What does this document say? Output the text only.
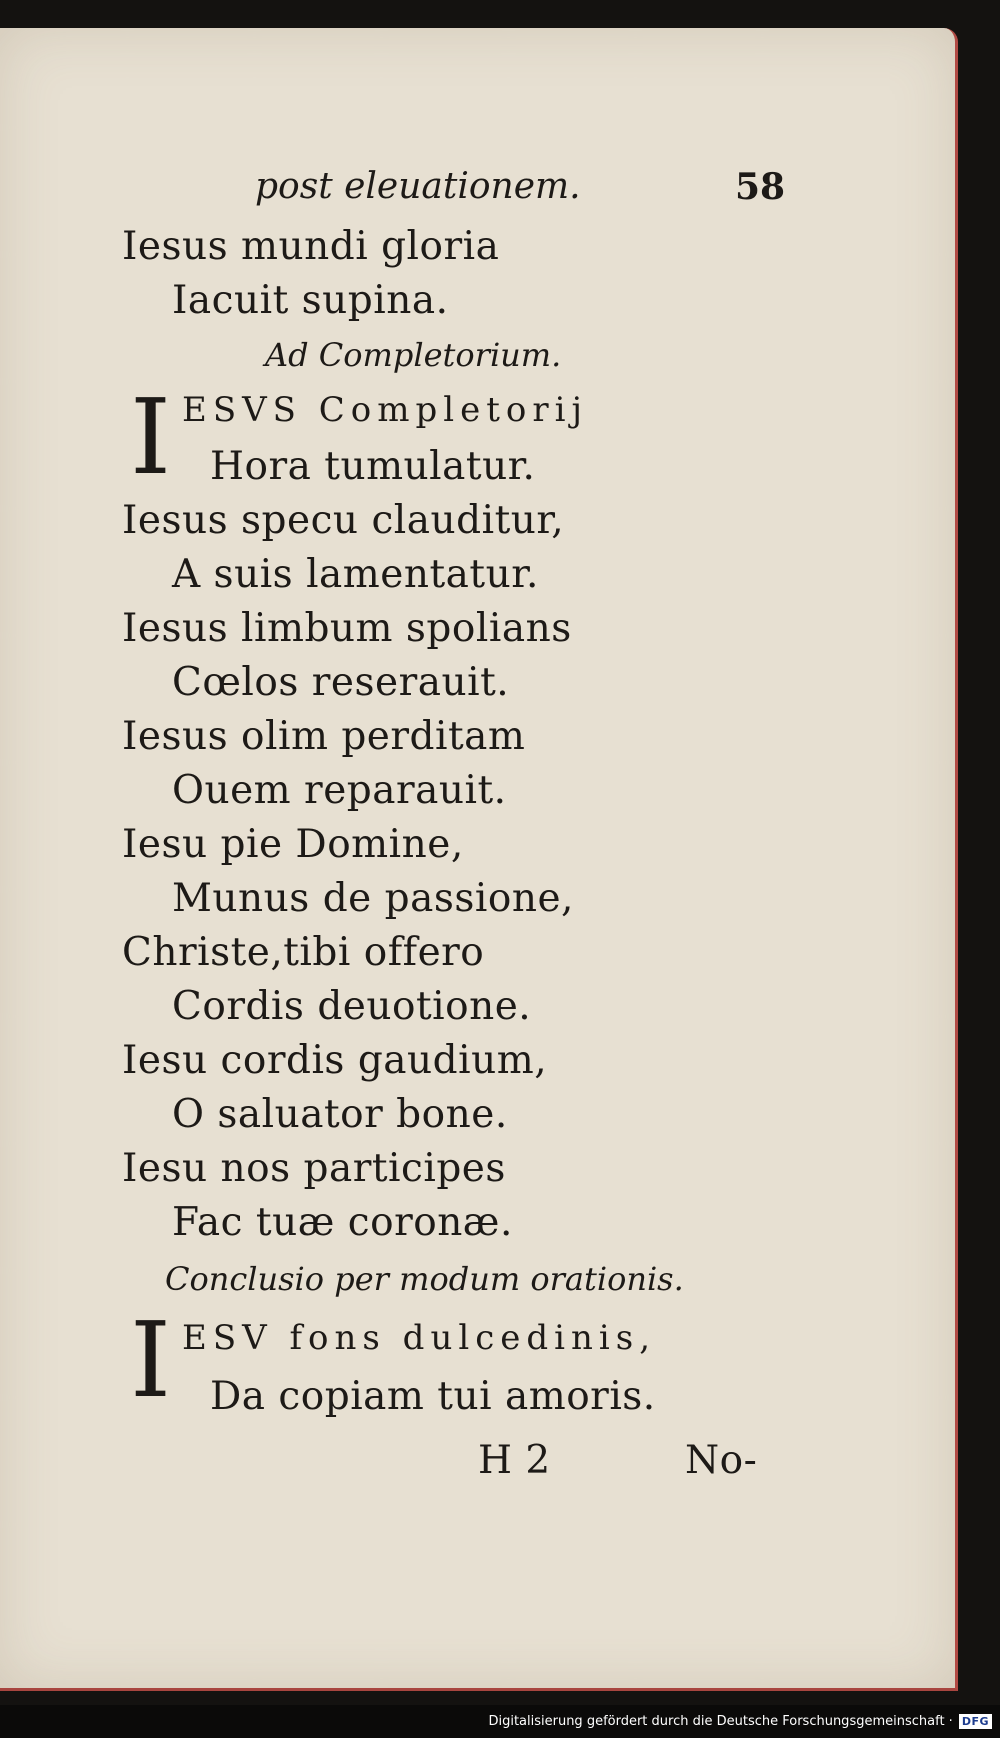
post eleuationem.	58
Iesus mundi gloria
Iacuit supina.
Ad Completorium.
I ESVS Completorij
Hora tumulatur.
Iesus specu clauditur,
A suis lamentatur.
Iesus limbum spolians
Cœlos reserauit.
Iesus olim perditam
Ouem reparauit.
Iesu pie Domine,
Munus de passione,
Christe,tibi offero
Cordis deuotione.
Iesu cordis gaudium,
O saluator bone.
Iesu nos participes
Fac tuæ coronæ.
Conclusio per modum orationis.
I ESV fons dulcedinis,
Da copiam tui amoris.
H 2	No-
Digitalisierung gefördert durch die Deutsche Forschungsgemeinschaft · DFG
